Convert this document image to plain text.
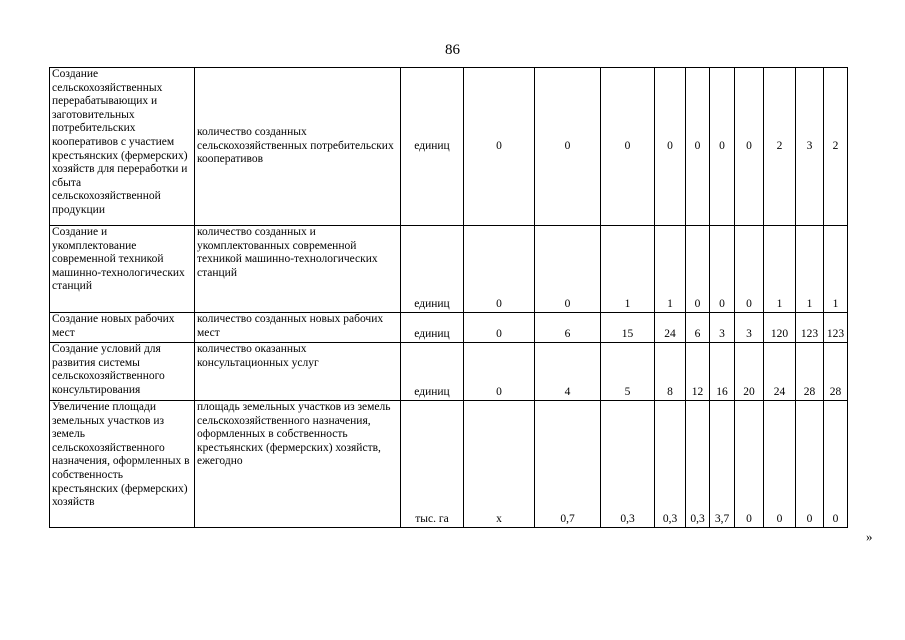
86
Создание сельскохозяйственных перерабатывающих и заготовительных потребительских кооперативов с участием крестьянских (фермерских) хозяйств для переработки и сбыта сельскохозяйственной продукции	количество созданных сельскохозяйственных потребительских кооперативов	единиц	0	0	0	0	0	0	0	2	3	2
Создание и укомплектование современной техникой машинно-технологических станций	количество созданных и укомплектованных современной техникой машинно-технологических станций	единиц	0	0	1	1	0	0	0	1	1	1
Создание новых рабочих мест	количество созданных новых рабочих мест	единиц	0	6	15	24	6	3	3	120	123	123
Создание условий для развития системы сельскохозяйственного консультирования	количество оказанных консультационных услуг	единиц	0	4	5	8	12	16	20	24	28	28
Увеличение площади земельных участков из земель сельскохозяйственного назначения, оформленных в собственность крестьянских (фермерских) хозяйств	площадь земельных участков из земель сельскохозяйственного назначения, оформленных в собственность крестьянских (фермерских) хозяйств, ежегодно	тыс. га	х	0,7	0,3	0,3	0,3	3,7	0	0	0	0
»
